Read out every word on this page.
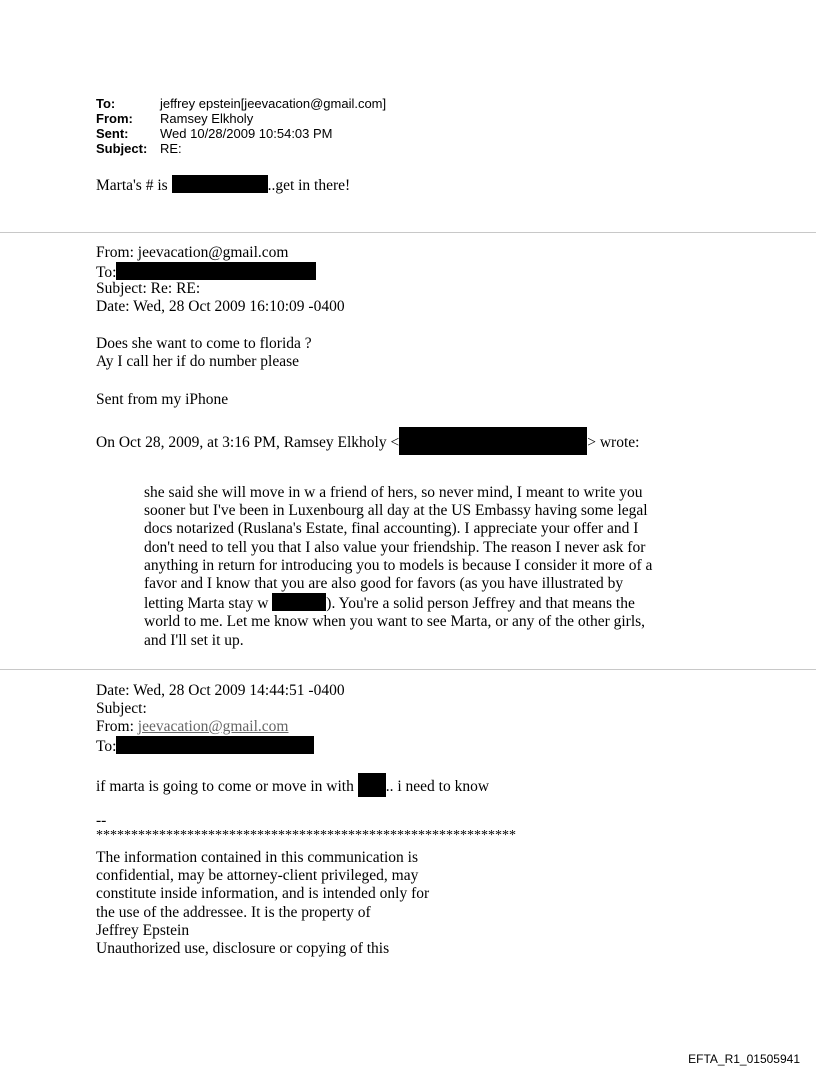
To:	jeffrey epstein[jeevacation@gmail.com]
From:	Ramsey Elkholy
Sent:	Wed 10/28/2009 10:54:03 PM
Subject: RE:
Marta's # is	..get in there!
From: jeevacation@gmail.com
To:
Subject: Re: RE:
Date: Wed, 28 Oct 2009 16:10:09 -0400
Does she want to come to florida ?
Ay I call her if do number please
Sent from my iPhone
On Oct 28, 2009, at 3:16 PM, Ramsey Elkholy <	> wrote:
she said she will move in w a friend of hers, so never mind, I meant to write you
sooner but I've been in Luxenbourg all day at the US Embassy having some legal
docs notarized (Ruslana's Estate, final accounting). I appreciate your offer and I
don't need to tell you that I also value your friendship. The reason I never ask for
anything in return for introducing you to models is because I consider it more of a
favor and I know that you are also good for favors (as you have illustrated by
letting Marta stay w	). You're a solid person Jeffrey and that means the
world to me. Let me know when you want to see Marta, or any of the other girls,
and I'll set it up.
Date: Wed, 28 Oct 2009 14:44:51 -0400
Subject:
From: jeevacation@gmail.com
To:
if marta is going to come or move in with .. i need to know
--
************************************************************
The information contained in this communication is
confidential, may be attorney-client privileged, may
constitute inside information, and is intended only for
the use of the addressee. It is the property of
Jeffrey Epstein
Unauthorized use, disclosure or copying of this
EFTA_R1_01505941
